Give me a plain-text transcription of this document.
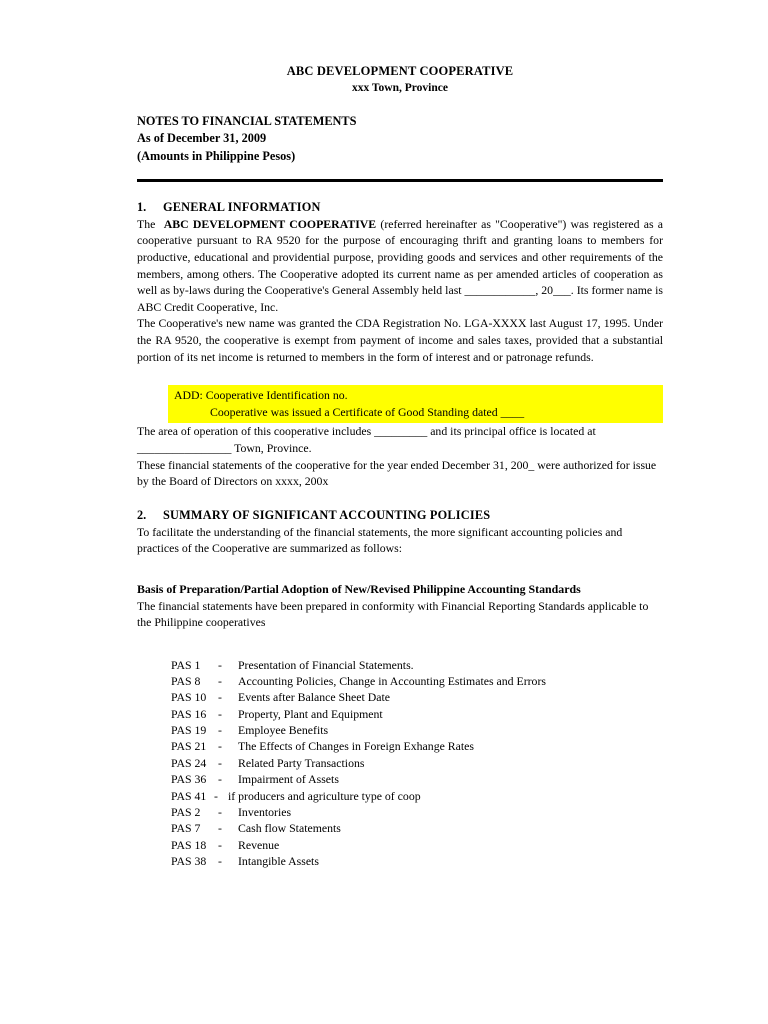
ABC DEVELOPMENT COOPERATIVE
xxx Town, Province
NOTES TO FINANCIAL STATEMENTS
As of December 31, 2009
(Amounts in Philippine Pesos)
1.	GENERAL INFORMATION

The ABC DEVELOPMENT COOPERATIVE (referred hereinafter as "Cooperative") was registered as a cooperative pursuant to RA 9520 for the purpose of encouraging thrift and granting loans to members for productive, educational and providential purpose, providing goods and services and other requirements of the members, among others. The Cooperative adopted its current name as per amended articles of cooperation as well as by-laws during the Cooperative's General Assembly held last ____________, 20___. Its former name is ABC Credit Cooperative, Inc.

The Cooperative's new name was granted the CDA Registration No. LGA-XXXX last August 17, 1995. Under the RA 9520, the cooperative is exempt from payment of income and sales taxes, provided that a substantial portion of its net income is returned to members in the form of interest and or patronage refunds.

ADD: Cooperative Identification no.
Cooperative was issued a Certificate of Good Standing dated ____

The area of operation of this cooperative includes _________ and its principal office is located at ________________ Town, Province.

These financial statements of the cooperative for the year ended December 31, 200_ were authorized for issue by the Board of Directors on xxxx, 200x

2.	SUMMARY OF SIGNIFICANT ACCOUNTING POLICIES

To facilitate the understanding of the financial statements, the more significant accounting policies and practices of the Cooperative are summarized as follows:

Basis of Preparation/Partial Adoption of New/Revised Philippine Accounting Standards

The financial statements have been prepared in conformity with Financial Reporting Standards applicable to the Philippine cooperatives

PAS 1	-	Presentation of Financial Statements.
PAS 8	-	Accounting Policies, Change in Accounting Estimates and Errors
PAS 10 -	Events after Balance Sheet Date
PAS 16 -	Property, Plant and Equipment
PAS 19 -	Employee Benefits
PAS 21 -	The Effects of Changes in Foreign Exhange Rates
PAS 24 -	Related Party Transactions
PAS 36 -	Impairment of Assets
PAS 41 - if producers and agriculture type of coop
PAS 2	-	Inventories
PAS 7	-	Cash flow Statements
PAS 18 -	Revenue
PAS 38 -	Intangible Assets
